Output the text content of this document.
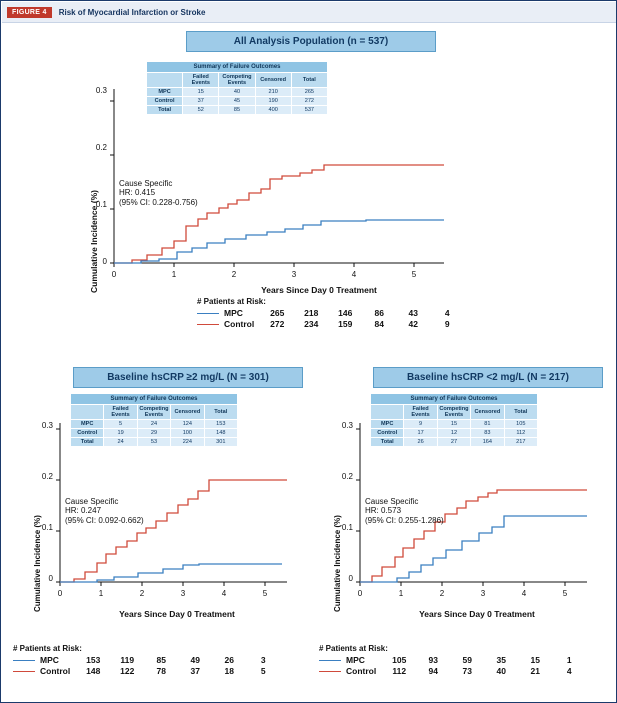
FIGURE 4	Risk of Myocardial Infarction or Stroke
All Analysis Population (n = 537)
Cumulative Incidence (%)	Years Since Day 0 Treatment
0.3
0.2
0.1
0
0	1	2	3	4	5
Cause Specific
HR: 0.415
(95% CI: 0.228-0.756)
Summary of Failure Outcomes				
	Failed Events	Competing Events	Censored	Total
MPC	15	40	210	265
Control	37	45	190	272
Total	52	85	400	537
# Patients at Risk:
MPC	265	218	146	86	43	4
Control	272	234	159	84	42	9
Baseline hsCRP ≥2 mg/L (N = 301)
Cumulative Incidence (%)
Years Since Day 0 Treatment
0.3
0.2
0.1
0
0	1	2	3	4	5
Cause Specific
HR: 0.247
(95% CI: 0.092-0.662)
Summary of Failure Outcomes				
	Failed Events	Competing Events	Censored	Total
MPC	5	24	124	153
Control	19	29	100	148
Total	24	53	224	301
# Patients at Risk:
MPC	153	119	85	49	26	3
Control	148	122	78	37	18	5
Baseline hsCRP <2 mg/L (N = 217)
Cumulative Incidence (%)
Years Since Day 0 Treatment
0.3
0.2
0.1
0
0	1	2	3	4	5
Cause Specific
HR: 0.573
(95% CI: 0.255-1.286)
Summary of Failure Outcomes				
	Failed Events	Competing Events	Censored	Total
MPC	9	15	81	105
Control	17	12	83	112
Total	26	27	164	217
# Patients at Risk:
MPC	105	93	59	35	15	1
Control	112	94	73	40	21	4
